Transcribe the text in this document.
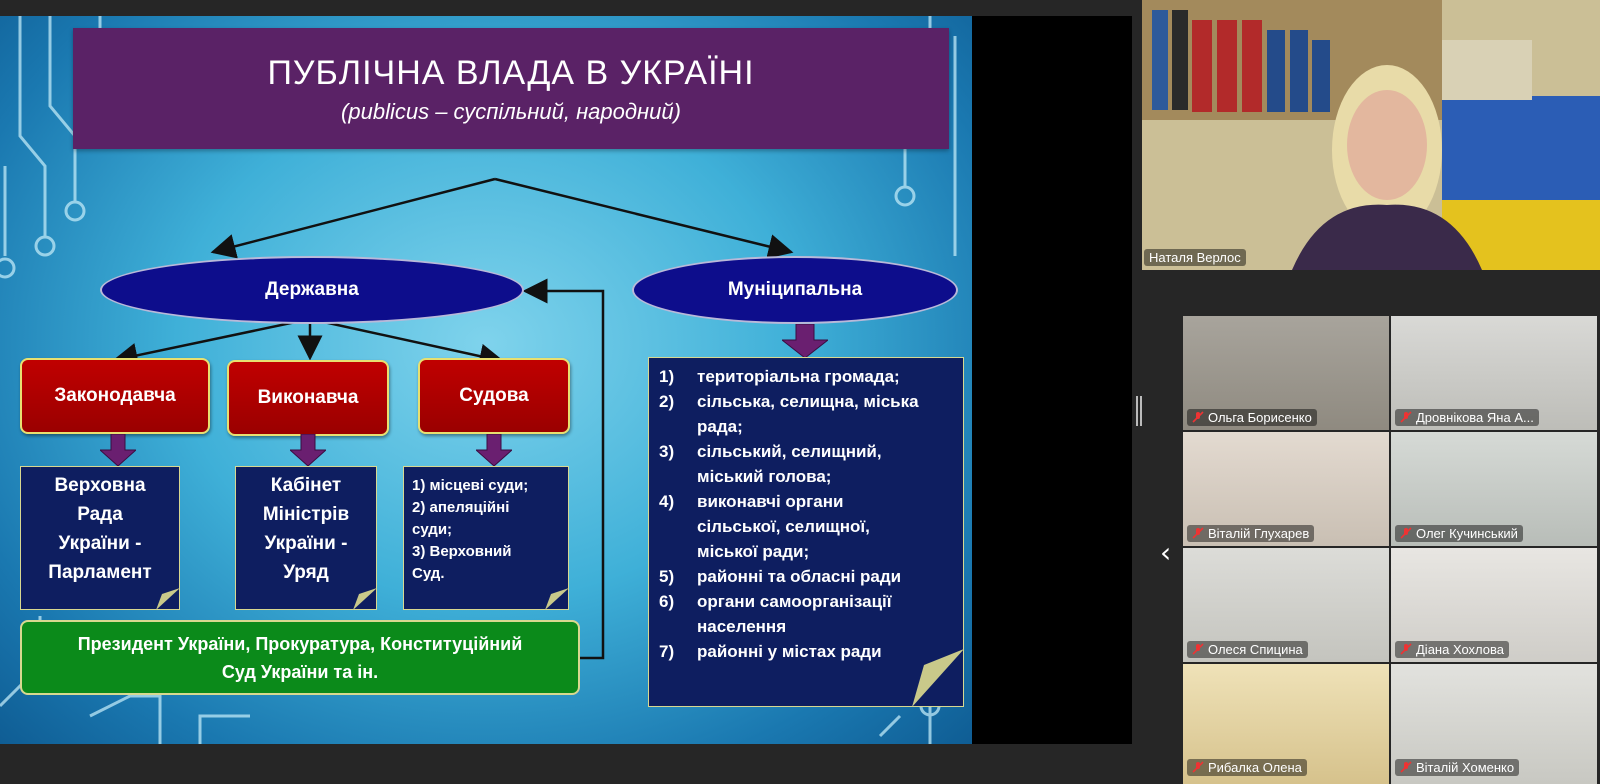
ПУБЛІЧНА ВЛАДА В УКРАЇНІ
(publicus – суспільний, народний)
Державна	Муніципальна
Законодавча	Виконавча	Судова
Верховна
Рада
України -
Парламент
Кабінет
Міністрів
України -
Уряд
1) місцеві суди;
2) апеляційні
суди;
3) Верховний
Суд.
Президент України, Прокуратура, Конституційний
Суд України та ін.
1)	територіальна громада;
2)	сільська, селищна, міська
рада;
3)	сільський, селищний,
міський голова;
4)	виконавчі органи
сільської, селищної,
міської ради;
5)	районні та обласні ради
6)	органи самоорганізації
населення
7)	районні у містах ради
Наталя Верлос
‹
Ольга Борисенко	Дровнікова Яна А...
Віталій Глухарев	Олег Кучинський
Олеся Спицина	Діана Хохлова
Рибалка Олена	Віталій Хоменко
